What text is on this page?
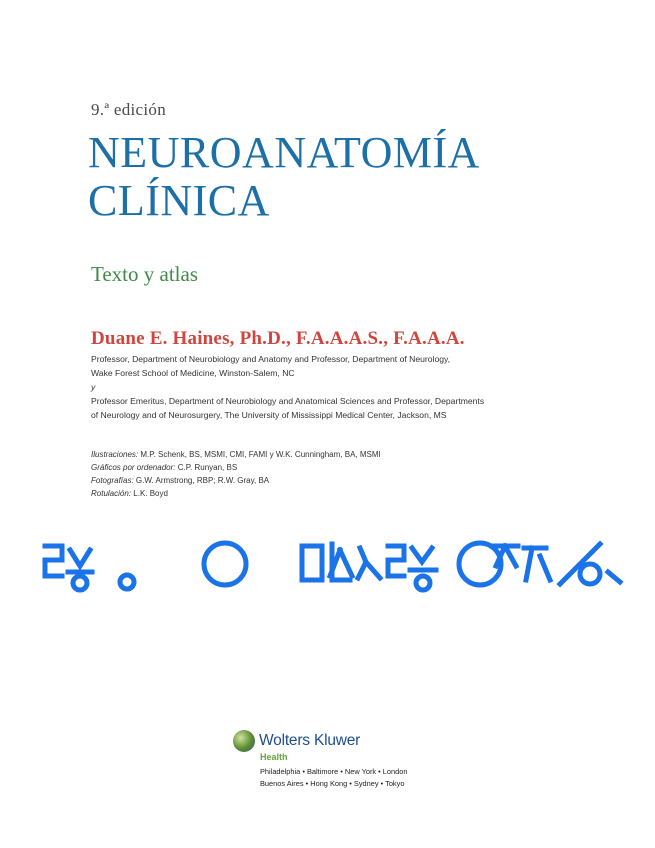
9.ª edición
NEUROANATOMÍA
CLÍNICA
Texto y atlas
Duane E. Haines, Ph.D., F.A.A.A.S., F.A.A.A.
Professor, Department of Neurobiology and Anatomy and Professor, Department of Neurology,
Wake Forest School of Medicine, Winston-Salem, NC
y
Professor Emeritus, Department of Neurobiology and Anatomical Sciences and Professor, Departments
of Neurology and of Neurosurgery, The University of Mississippi Medical Center, Jackson, MS
Ilustraciones: M.P. Schenk, BS, MSMI, CMI, FAMI y W.K. Cunningham, BA, MSMI
Gráficos por ordenador: C.P. Runyan, BS
Fotografías: G.W. Armstrong, RBP; R.W. Gray, BA
Rotulación: L.K. Boyd
Wolters Kluwer
Health
Philadelphia • Baltimore • New York • London
Buenos Aires • Hong Kong • Sydney • Tokyo
